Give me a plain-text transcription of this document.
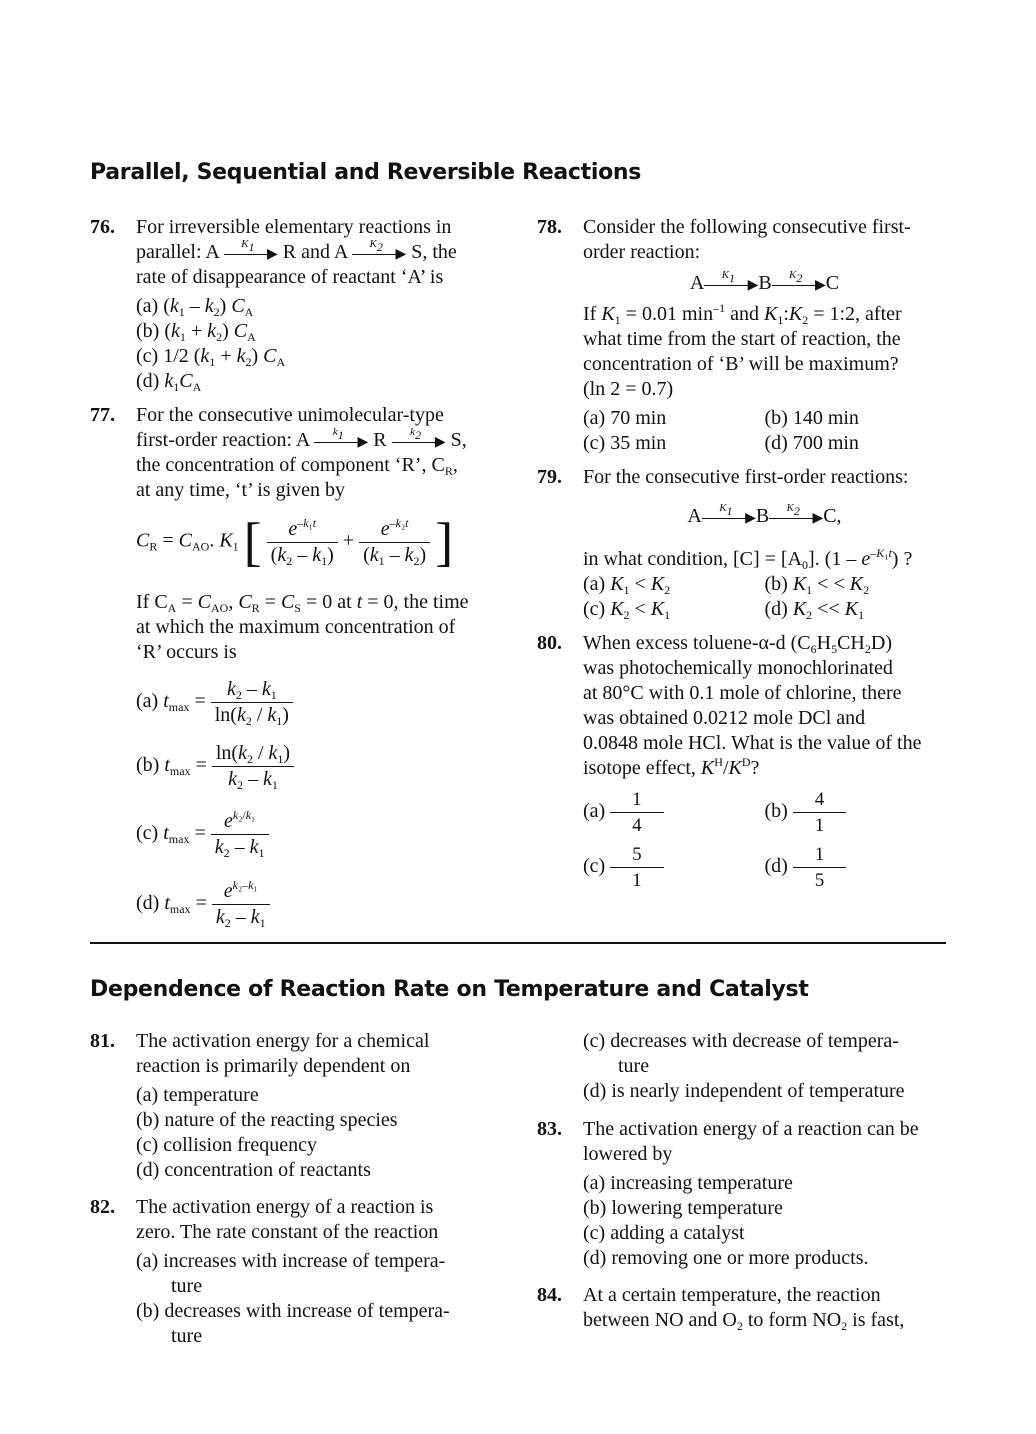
Parallel, Sequential and Reversible Reactions
76. For irreversible elementary reactions in
parallel: A	▶
$K_1$	R and A	▶
$K_2$	S, the
rate of disappearance of reactant ‘A’ is
(a) $(k_1 - k_2)$ $C_A$
(b) $(k_1 + k_2)$ $C_A$
(c) 1/2 $(k_1 + k_2)$ $C_A$
(d) $k_1C_A$
77. For the consecutive unimolecular-type
first-order reaction: A	▶
$k_1$	R	▶
$k_2$	S,
the concentration of component ‘R’, $C_R$,
at any time, ‘t’ is given by
$C_R = C_{AO}$. $K_1$ [ $\frac{e^{-k_1t}}{(k_2 - k_1)} + \frac{e^{-k_2t}}{(k_1 - k_2)}$ ]
If $C_A = C_{AO}$, $C_R = C_S = 0$ at t = 0, the time
at which the maximum concentration of
‘R’ occurs is
(a) $t_{max} = \frac{k_2 - k_1}{\ln(k_2 / k_1)}$
(b) $t_{max} = \frac{\ln(k_2 / k_1)}{k_2 - k_1}$
(c) $t_{max} = \frac{e^{k_2/k_1}}{k_2 - k_1}$
(d) $t_{max} = \frac{e^{k_2-k_1}}{k_2 - k_1}$
78. Consider the following consecutive first-
order reaction:
A	▶
$K_1$	B	▶
$K_2$	C
If $K_1 = 0.01$ $\min^{-1}$ and $K_1:K_2$ = 1:2, after
what time from the start of reaction, the
concentration of ‘B’ will be maximum?
(ln 2 = 0.7)
(a) 70 min	(b) 140 min
(c) 35 min	(d) 700 min
79. For the consecutive first-order reactions:
A	▶
$K_1$	B	▶
$K_2$	C,
in what condition, $[C] = [A_0]$. $(1 - e^{-K_1t})$ ?
(a) $K_1 < K_2$	(b) $K_1$ < < $K_2$
(c) $K_2 < K_1$	(d) $K_2 << K_1$
80. When excess toluene-α-d $(C_6H_5CH_2D)$
was photochemically monochlorinated
at 80°C with 0.1 mole of chlorine, there
was obtained 0.0212 mole DCl and
0.0848 mole HCl. What is the value of the
isotope effect, $K^H/K^D$?
$(a) \frac{1}{4}$	$(b) \frac{4}{1}$
$(c) \frac{5}{1}$	$(d) \frac{1}{5}$
Dependence of Reaction Rate on Temperature and Catalyst
81. The activation energy for a chemical
reaction is primarily dependent on
(a) temperature
(b) nature of the reacting species
(c) collision frequency
(d) concentration of reactants
82. The activation energy of a reaction is
zero. The rate constant of the reaction
(a) increases with increase of tempera-
ture
(b) decreases with increase of tempera-
ture
(c) decreases with decrease of tempera-
ture
(d) is nearly independent of temperature
83. The activation energy of a reaction can be
lowered by
(a) increasing temperature
(b) lowering temperature
(c) adding a catalyst
(d) removing one or more products.
84. At a certain temperature, the reaction
between NO and $O_2$ to form $NO_2$ is fast,
